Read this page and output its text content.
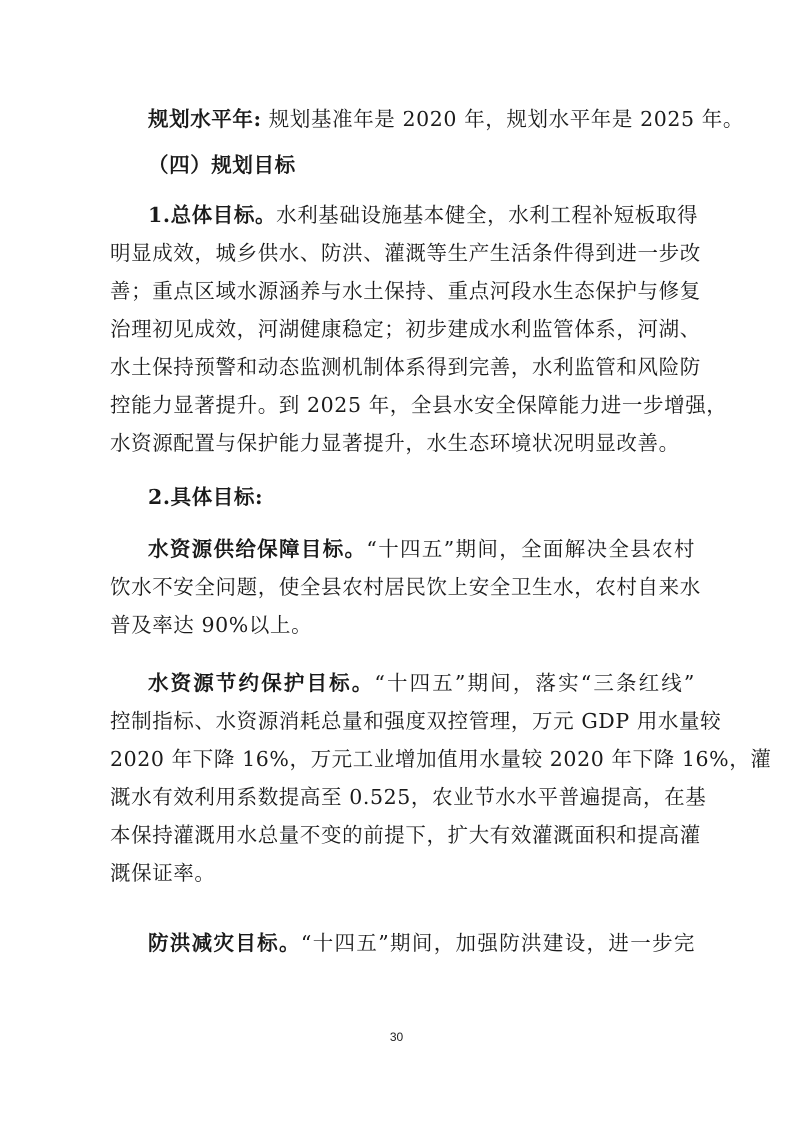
规划水平年: 规划基准年是 2020 年，规划水平年是 2025 年。
（四）规划目标
1.总体目标。水利基础设施基本健全，水利工程补短板取得
明显成效，城乡供水、防洪、灌溉等生产生活条件得到进一步改
善；重点区域水源涵养与水土保持、重点河段水生态保护与修复
治理初见成效，河湖健康稳定；初步建成水利监管体系，河湖、
水土保持预警和动态监测机制体系得到完善，水利监管和风险防
控能力显著提升。到 2025 年，全县水安全保障能力进一步增强，
水资源配置与保护能力显著提升，水生态环境状况明显改善。
2.具体目标:
水资源供给保障目标。“十四五”期间，全面解决全县农村
饮水不安全问题，使全县农村居民饮上安全卫生水，农村自来水
普及率达 90%以上。
水资源节约保护目标。“十四五”期间，落实“三条红线”
控制指标、水资源消耗总量和强度双控管理，万元 GDP 用水量较
2020 年下降 16%，万元工业增加值用水量较 2020 年下降 16%，灌
溉水有效利用系数提高至 0.525，农业节水水平普遍提高，在基
本保持灌溉用水总量不变的前提下，扩大有效灌溉面积和提高灌
溉保证率。
防洪减灾目标。“十四五”期间，加强防洪建设，进一步完
30
